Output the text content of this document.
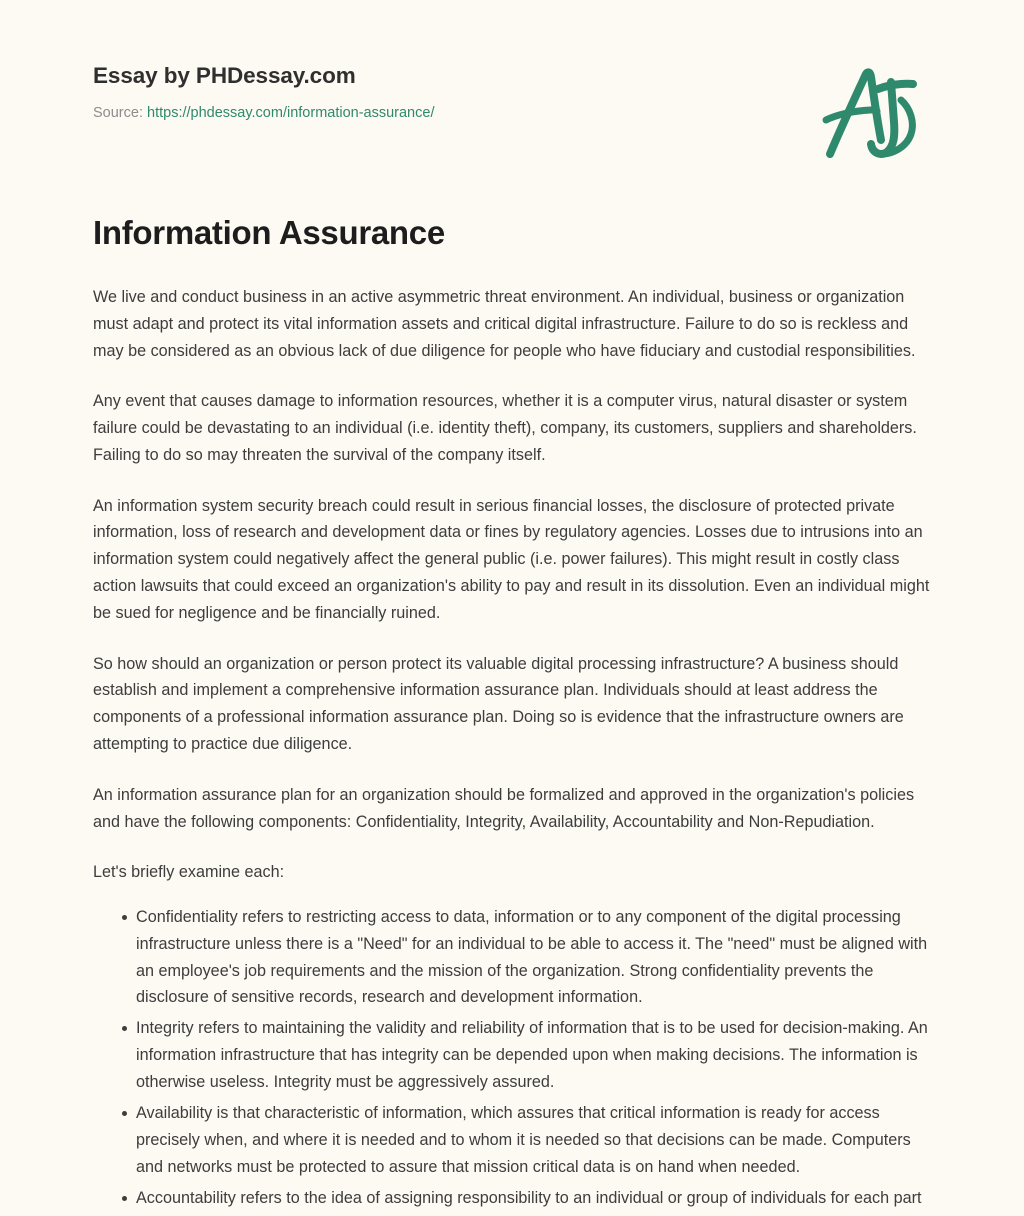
Essay by PHDessay.com
Source: https://phdessay.com/information-assurance/
Information Assurance

We live and conduct business in an active asymmetric threat environment. An individual, business or organization must adapt and protect its vital information assets and critical digital infrastructure. Failure to do so is reckless and may be considered as an obvious lack of due diligence for people who have fiduciary and custodial responsibilities.

Any event that causes damage to information resources, whether it is a computer virus, natural disaster or system failure could be devastating to an individual (i.e. identity theft), company, its customers, suppliers and shareholders. Failing to do so may threaten the survival of the company itself.

An information system security breach could result in serious financial losses, the disclosure of protected private information, loss of research and development data or fines by regulatory agencies. Losses due to intrusions into an information system could negatively affect the general public (i.e. power failures). This might result in costly class action lawsuits that could exceed an organization's ability to pay and result in its dissolution. Even an individual might be sued for negligence and be financially ruined.

So how should an organization or person protect its valuable digital processing infrastructure? A business should establish and implement a comprehensive information assurance plan. Individuals should at least address the components of a professional information assurance plan. Doing so is evidence that the infrastructure owners are attempting to practice due diligence.

An information assurance plan for an organization should be formalized and approved in the organization's policies and have the following components: Confidentiality, Integrity, Availability, Accountability and Non-Repudiation.

Let's briefly examine each:

Confidentiality refers to restricting access to data, information or to any component of the digital processing infrastructure unless there is a "Need" for an individual to be able to access it. The "need" must be aligned with an employee's job requirements and the mission of the organization. Strong confidentiality prevents the disclosure of sensitive records, research and development information.
Integrity refers to maintaining the validity and reliability of information that is to be used for decision-making. An information infrastructure that has integrity can be depended upon when making decisions. The information is otherwise useless. Integrity must be aggressively assured.
Availability is that characteristic of information, which assures that critical information is ready for access precisely when, and where it is needed and to whom it is needed so that decisions can be made. Computers and networks must be protected to assure that mission critical data is on hand when needed.
Accountability refers to the idea of assigning responsibility to an individual or group of individuals for each part
